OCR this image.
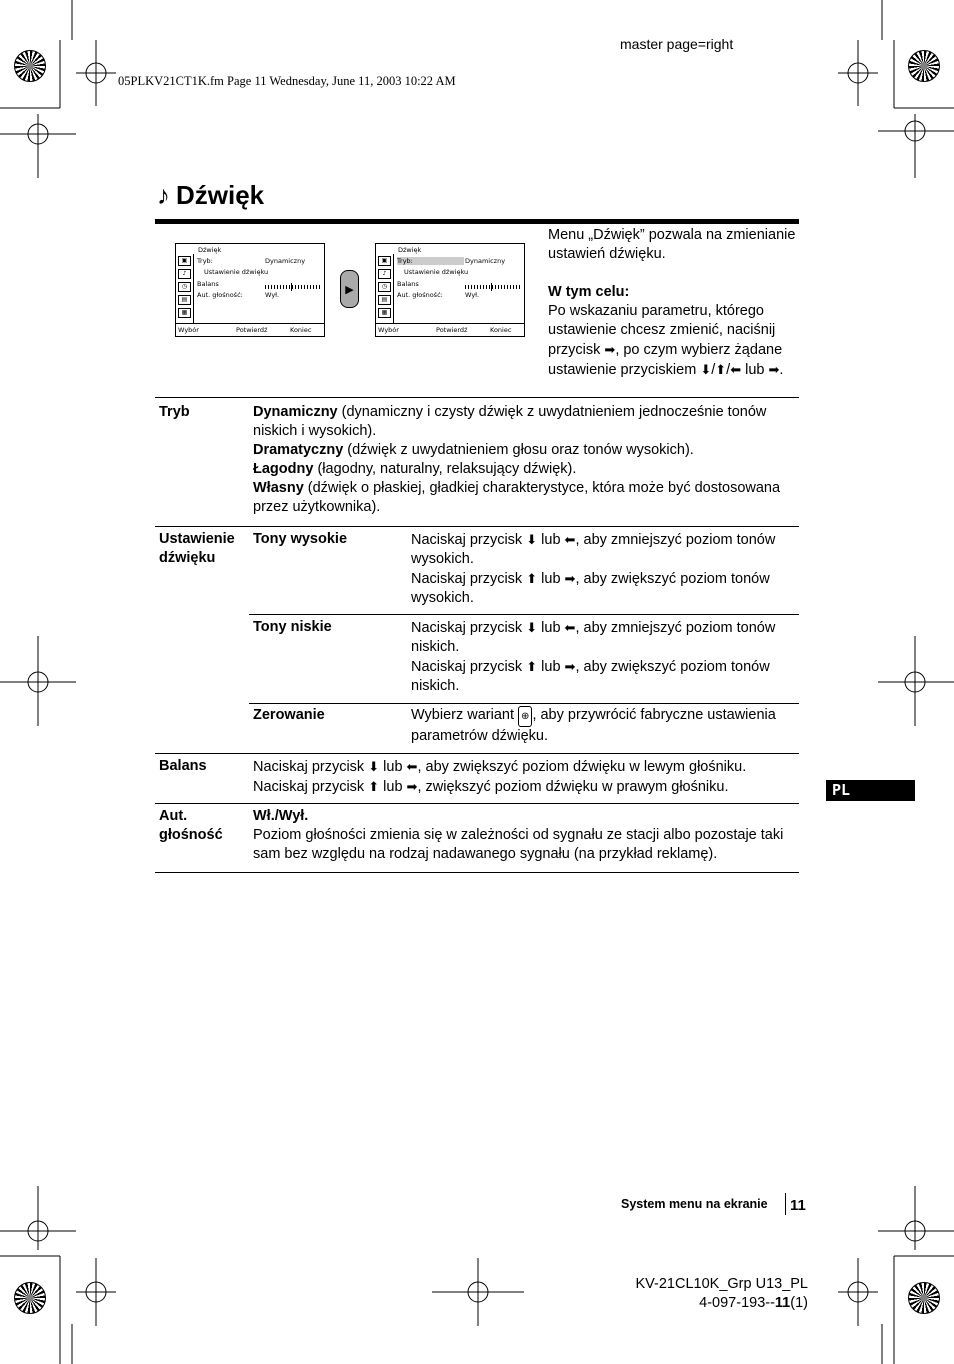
master page=right
05PLKV21CT1K.fm Page 11 Wednesday, June 11, 2003 10:22 AM
♪ Dźwięk
Dźwięk
▣
♪
◷
▤
▦
Tryb:	Dynamiczny
Ustawienie dźwięku
Balans
Aut. głośność:	Wył.
Wybór	Potwierdź	Koniec
▶
Dźwięk
▣
♪
◷
▤
▦
Tryb:	Dynamiczny
Ustawienie dźwięku
Balans
Aut. głośność:	Wył.
Wybór	Potwierdź	Koniec

Menu „Dźwięk” pozwala na zmienianie ustawień dźwięku.

W tym celu:

Po wskazaniu parametru, którego ustawienie chcesz zmienić, naciśnij przycisk ➡, po czym wybierz żądane ustawienie przyciskiem ⬇/⬆/⬅ lub ➡.

Tryb	Dynamiczny (dynamiczny i czysty dźwięk z uwydatnieniem jednocześnie tonów niskich i wysokich).
Dramatyczny (dźwięk z uwydatnieniem głosu oraz tonów wysokich).
Łagodny (łagodny, naturalny, relaksujący dźwięk).
Własny (dźwięk o płaskiej, gładkiej charakterystyce, która może być dostosowana przez użytkownika).
Ustawienie dźwięku
Tony wysokie	Naciskaj przycisk ⬇ lub ⬅, aby zmniejszyć poziom tonów wysokich.
Naciskaj przycisk ⬆ lub ➡, aby zwiększyć poziom tonów wysokich.
Tony niskie	Naciskaj przycisk ⬇ lub ⬅, aby zmniejszyć poziom tonów niskich.
Naciskaj przycisk ⬆ lub ➡, aby zwiększyć poziom tonów niskich.
Zerowanie	Wybierz wariant ⊕ , aby przywrócić fabryczne ustawienia parametrów dźwięku.
Balans	Naciskaj przycisk ⬇ lub ⬅, aby zwiększyć poziom dźwięku w lewym głośniku.
Naciskaj przycisk ⬆ lub ➡, zwiększyć poziom dźwięku w prawym głośniku.
Aut. głośność
Wł./Wył.
Poziom głośności zmienia się w zależności od sygnału ze stacji albo pozostaje taki sam bez względu na rodzaj nadawanego sygnału (na przykład reklamę).
PL
System menu na ekranie 11
KV-21CL10K_Grp U13_PL
4-097-193--11(1)
